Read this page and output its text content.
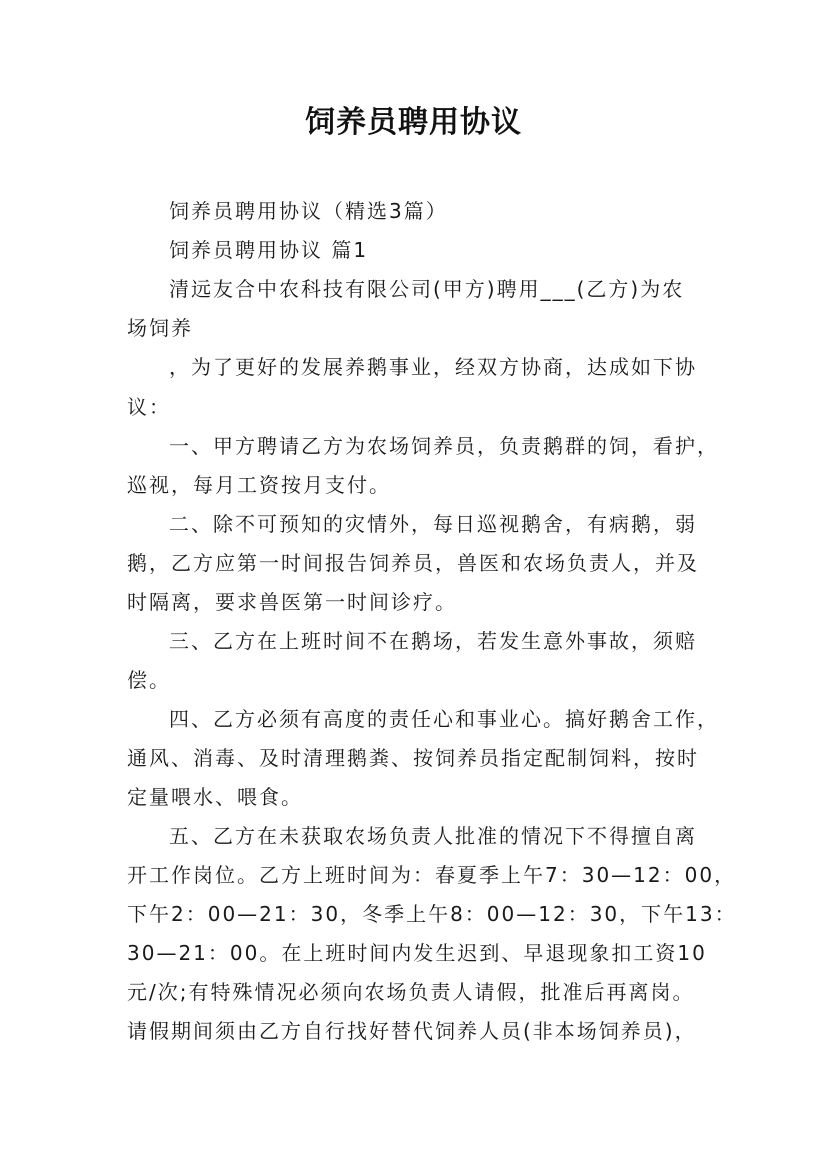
饲养员聘用协议
饲养员聘用协议（精选3篇）
饲养员聘用协议 篇1
清远友合中农科技有限公司(甲方)聘用___(乙方)为农
场饲养
，为了更好的发展养鹅事业，经双方协商，达成如下协
议：
一、甲方聘请乙方为农场饲养员，负责鹅群的饲，看护，
巡视，每月工资按月支付。
二、除不可预知的灾情外，每日巡视鹅舍，有病鹅，弱
鹅，乙方应第一时间报告饲养员，兽医和农场负责人，并及
时隔离，要求兽医第一时间诊疗。
三、乙方在上班时间不在鹅场，若发生意外事故，须赔
偿。
四、乙方必须有高度的责任心和事业心。搞好鹅舍工作，
通风、消毒、及时清理鹅粪、按饲养员指定配制饲料，按时
定量喂水、喂食。
五、乙方在未获取农场负责人批准的情况下不得擅自离
开工作岗位。乙方上班时间为：春夏季上午7：30—12：00，
下午2：00—21：30，冬季上午8：00—12：30，下午13：
30—21：00。在上班时间内发生迟到、早退现象扣工资10
元/次;有特殊情况必须向农场负责人请假，批准后再离岗。
请假期间须由乙方自行找好替代饲养人员(非本场饲养员)，
